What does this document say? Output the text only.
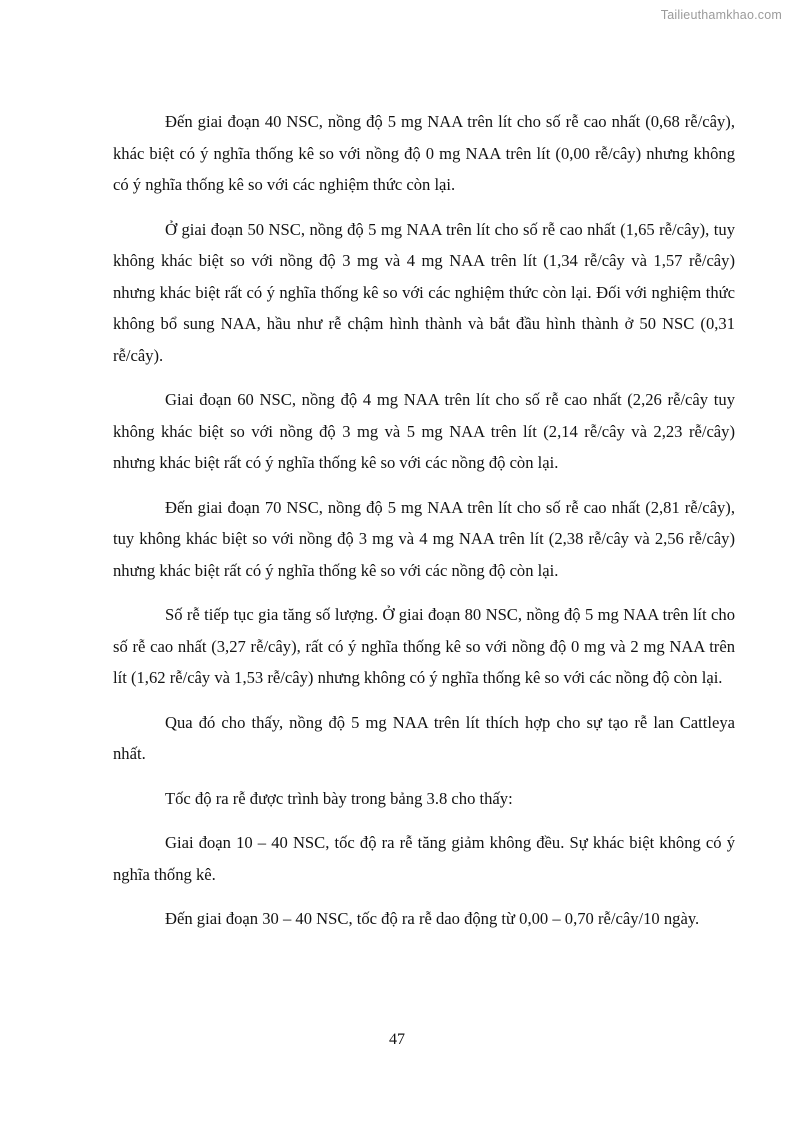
Tailieuthamkhao.com

Đến giai đoạn 40 NSC, nồng độ 5 mg NAA trên lít cho số rễ cao nhất (0,68 rễ/cây), khác biệt có ý nghĩa thống kê so với nồng độ 0 mg NAA trên lít (0,00 rễ/cây) nhưng không có ý nghĩa thống kê so với các nghiệm thức còn lại.

Ở giai đoạn 50 NSC, nồng độ 5 mg NAA trên lít cho số rễ cao nhất (1,65 rễ/cây), tuy không khác biệt so với nồng độ 3 mg và 4 mg NAA trên lít (1,34 rễ/cây và 1,57 rễ/cây) nhưng khác biệt rất có ý nghĩa thống kê so với các nghiệm thức còn lại. Đối với nghiệm thức không bổ sung NAA, hầu như rễ chậm hình thành và bắt đầu hình thành ở 50 NSC (0,31 rễ/cây).

Giai đoạn 60 NSC, nồng độ 4 mg NAA trên lít cho số rễ cao nhất (2,26 rễ/cây tuy không khác biệt so với nồng độ 3 mg và 5 mg NAA trên lít (2,14 rễ/cây và 2,23 rễ/cây) nhưng khác biệt rất có ý nghĩa thống kê so với các nồng độ còn lại.

Đến giai đoạn 70 NSC, nồng độ 5 mg NAA trên lít cho số rễ cao nhất (2,81 rễ/cây), tuy không khác biệt so với nồng độ 3 mg và 4 mg NAA trên lít (2,38 rễ/cây và 2,56 rễ/cây) nhưng khác biệt rất có ý nghĩa thống kê so với các nồng độ còn lại.

Số rễ tiếp tục gia tăng số lượng. Ở giai đoạn 80 NSC, nồng độ 5 mg NAA trên lít cho số rễ cao nhất (3,27 rễ/cây), rất có ý nghĩa thống kê so với nồng độ 0 mg và 2 mg NAA trên lít (1,62 rễ/cây và 1,53 rễ/cây) nhưng không có ý nghĩa thống kê so với các nồng độ còn lại.

Qua đó cho thấy, nồng độ 5 mg NAA trên lít thích hợp cho sự tạo rễ lan Cattleya nhất.

Tốc độ ra rễ được trình bày trong bảng 3.8 cho thấy:

Giai đoạn 10 – 40 NSC, tốc độ ra rễ tăng giảm không đều. Sự khác biệt không có ý nghĩa thống kê.

Đến giai đoạn 30 – 40 NSC, tốc độ ra rễ dao động từ 0,00 – 0,70 rễ/cây/10 ngày.

47
